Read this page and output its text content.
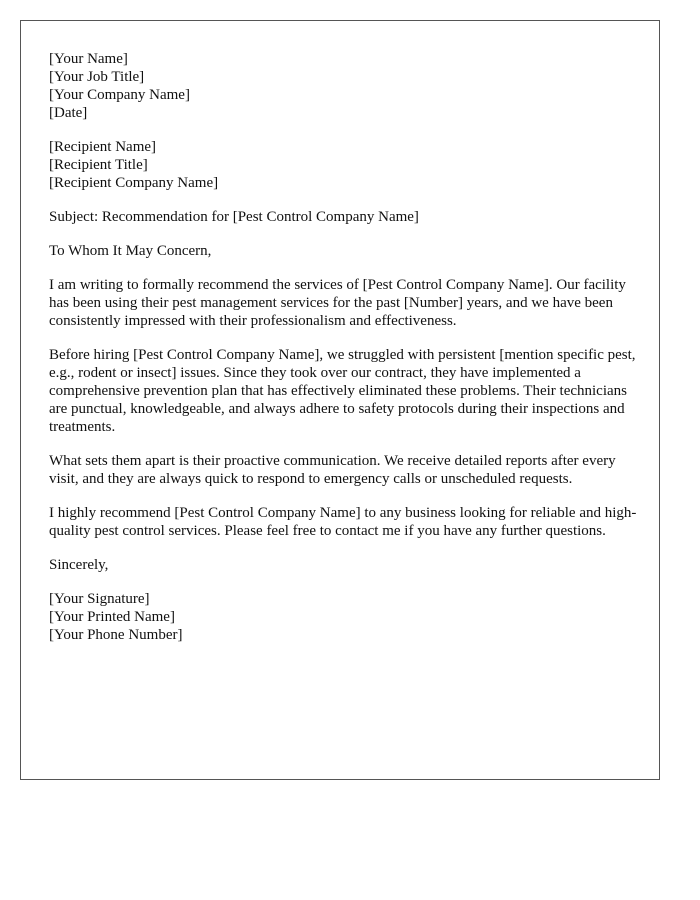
[Your Name]
[Your Job Title]
[Your Company Name]
[Date]
[Recipient Name]
[Recipient Title]
[Recipient Company Name]

Subject: Recommendation for [Pest Control Company Name]

To Whom It May Concern,

I am writing to formally recommend the services of [Pest Control Company Name]. Our facility has been using their pest management services for the past [Number] years, and we have been consistently impressed with their professionalism and effectiveness.

Before hiring [Pest Control Company Name], we struggled with persistent [mention specific pest, e.g., rodent or insect] issues. Since they took over our contract, they have implemented a comprehensive prevention plan that has effectively eliminated these problems. Their technicians are punctual, knowledgeable, and always adhere to safety protocols during their inspections and treatments.

What sets them apart is their proactive communication. We receive detailed reports after every visit, and they are always quick to respond to emergency calls or unscheduled requests.

I highly recommend [Pest Control Company Name] to any business looking for reliable and high-quality pest control services. Please feel free to contact me if you have any further questions.

Sincerely,

[Your Signature]
[Your Printed Name]
[Your Phone Number]
